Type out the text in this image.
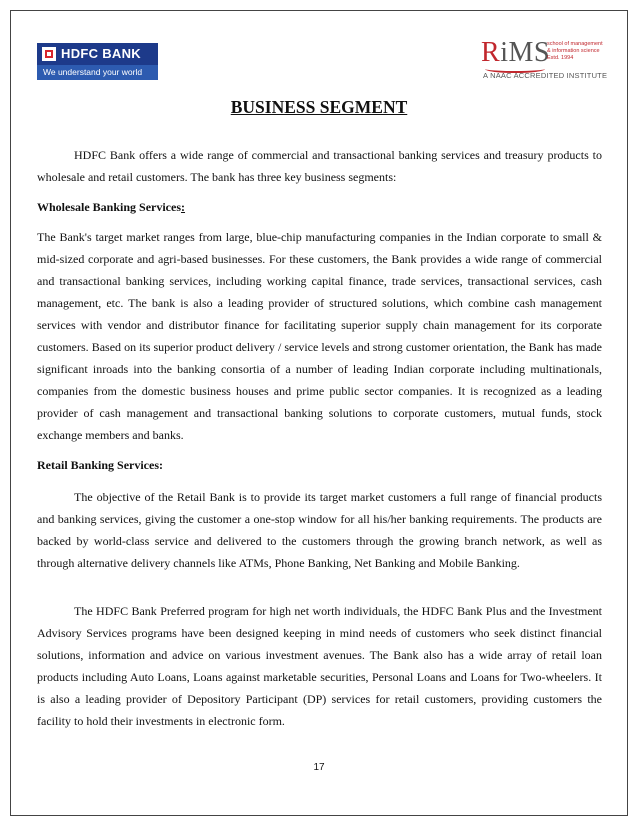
HDFC BANK
We understand your world
RiMS
school of management
& information science
Estd. 1994
A NAAC ACCREDITED INSTITUTE
BUSINESS SEGMENT

HDFC Bank offers a wide range of commercial and transactional banking services and treasury products to wholesale and retail customers. The bank has three key business segments:

Wholesale Banking Services:

The Bank's target market ranges from large, blue-chip manufacturing companies in the Indian corporate to small & mid-sized corporate and agri-based businesses. For these customers, the Bank provides a wide range of commercial and transactional banking services, including working capital finance, trade services, transactional services, cash management, etc. The bank is also a leading provider of structured solutions, which combine cash management services with vendor and distributor finance for facilitating superior supply chain management for its corporate customers. Based on its superior product delivery / service levels and strong customer orientation, the Bank has made significant inroads into the banking consortia of a number of leading Indian corporate including multinationals, companies from the domestic business houses and prime public sector companies. It is recognized as a leading provider of cash management and transactional banking solutions to corporate customers, mutual funds, stock exchange members and banks.

Retail Banking Services:

The objective of the Retail Bank is to provide its target market customers a full range of financial products and banking services, giving the customer a one-stop window for all his/her banking requirements. The products are backed by world-class service and delivered to the customers through the growing branch network, as well as through alternative delivery channels like ATMs, Phone Banking, Net Banking and Mobile Banking.

The HDFC Bank Preferred program for high net worth individuals, the HDFC Bank Plus and the Investment Advisory Services programs have been designed keeping in mind needs of customers who seek distinct financial solutions, information and advice on various investment avenues. The Bank also has a wide array of retail loan products including Auto Loans, Loans against marketable securities, Personal Loans and Loans for Two-wheelers. It is also a leading provider of Depository Participant (DP) services for retail customers, providing customers the facility to hold their investments in electronic form.

17
